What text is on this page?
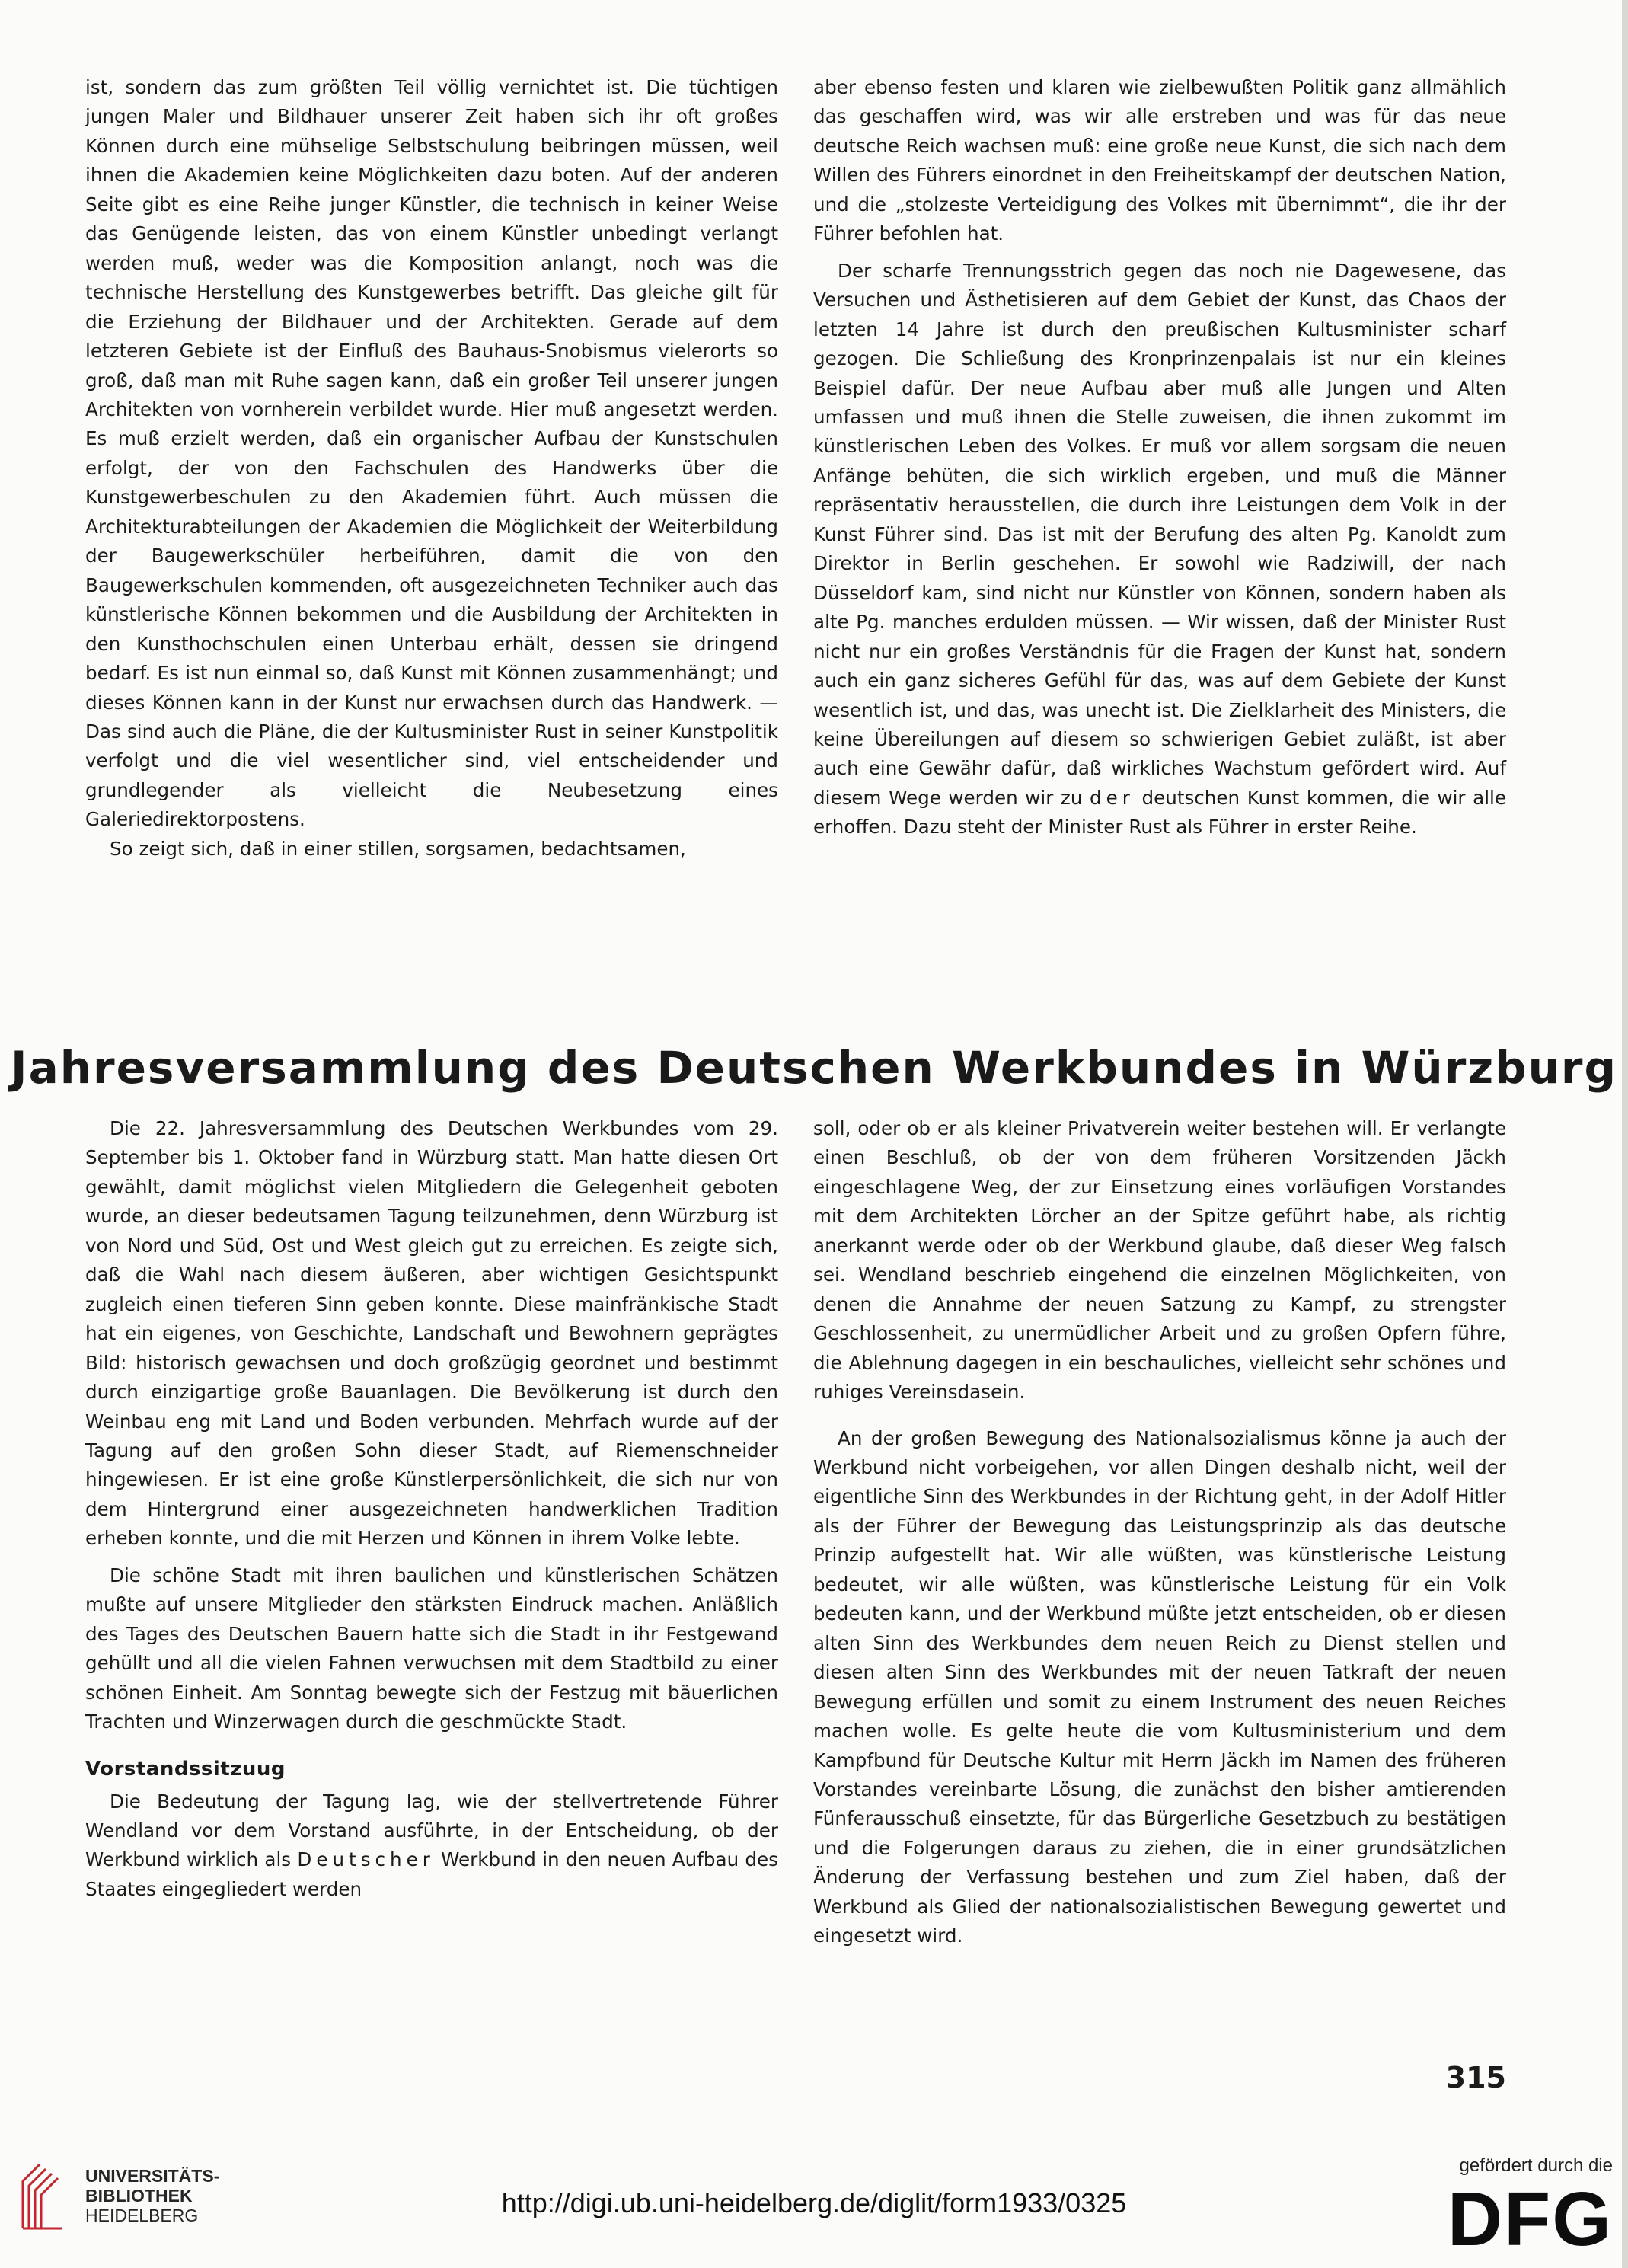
ist, sondern das zum größten Teil völlig vernichtet ist. Die tüchtigen jungen Maler und Bildhauer unserer Zeit haben sich ihr oft großes Können durch eine mühselige Selbstschulung beibringen müssen, weil ihnen die Akademien keine Möglichkeiten dazu boten. Auf der anderen Seite gibt es eine Reihe junger Künstler, die technisch in keiner Weise das Genügende leisten, das von einem Künstler unbedingt verlangt werden muß, weder was die Komposition anlangt, noch was die technische Herstellung des Kunstgewerbes betrifft. Das gleiche gilt für die Erziehung der Bildhauer und der Architekten. Gerade auf dem letzteren Gebiete ist der Einfluß des Bauhaus-Snobismus vielerorts so groß, daß man mit Ruhe sagen kann, daß ein großer Teil unserer jungen Architekten von vornherein verbildet wurde. Hier muß angesetzt werden. Es muß erzielt werden, daß ein organischer Aufbau der Kunstschulen erfolgt, der von den Fachschulen des Handwerks über die Kunstgewerbeschulen zu den Akademien führt. Auch müssen die Architekturabteilungen der Akademien die Möglichkeit der Weiterbildung der Baugewerkschüler herbeiführen, damit die von den Baugewerkschulen kommenden, oft ausgezeichneten Techniker auch das künstlerische Können bekommen und die Ausbildung der Architekten in den Kunsthochschulen einen Unterbau erhält, dessen sie dringend bedarf. Es ist nun einmal so, daß Kunst mit Können zusammenhängt; und dieses Können kann in der Kunst nur erwachsen durch das Handwerk. — Das sind auch die Pläne, die der Kultusminister Rust in seiner Kunstpolitik verfolgt und die viel wesentlicher sind, viel entscheidender und grundlegender als vielleicht die Neubesetzung eines Galeriedirektorpostens.

So zeigt sich, daß in einer stillen, sorgsamen, bedachtsamen,

aber ebenso festen und klaren wie zielbewußten Politik ganz allmählich das geschaffen wird, was wir alle erstreben und was für das neue deutsche Reich wachsen muß: eine große neue Kunst, die sich nach dem Willen des Führers einordnet in den Freiheitskampf der deutschen Nation, und die „stolzeste Verteidigung des Volkes mit übernimmt“, die ihr der Führer befohlen hat.

Der scharfe Trennungsstrich gegen das noch nie Dagewesene, das Versuchen und Ästhetisieren auf dem Gebiet der Kunst, das Chaos der letzten 14 Jahre ist durch den preußischen Kultusminister scharf gezogen. Die Schließung des Kronprinzenpalais ist nur ein kleines Beispiel dafür. Der neue Aufbau aber muß alle Jungen und Alten umfassen und muß ihnen die Stelle zuweisen, die ihnen zukommt im künstlerischen Leben des Volkes. Er muß vor allem sorgsam die neuen Anfänge behüten, die sich wirklich ergeben, und muß die Männer repräsentativ herausstellen, die durch ihre Leistungen dem Volk in der Kunst Führer sind. Das ist mit der Berufung des alten Pg. Kanoldt zum Direktor in Berlin geschehen. Er sowohl wie Radziwill, der nach Düsseldorf kam, sind nicht nur Künstler von Können, sondern haben als alte Pg. manches erdulden müssen. — Wir wissen, daß der Minister Rust nicht nur ein großes Verständnis für die Fragen der Kunst hat, sondern auch ein ganz sicheres Gefühl für das, was auf dem Gebiete der Kunst wesentlich ist, und das, was unecht ist. Die Zielklarheit des Ministers, die keine Übereilungen auf diesem so schwierigen Gebiet zuläßt, ist aber auch eine Gewähr dafür, daß wirkliches Wachstum gefördert wird. Auf diesem Wege werden wir zu der deutschen Kunst kommen, die wir alle erhoffen. Dazu steht der Minister Rust als Führer in erster Reihe.

Jahresversammlung des Deutschen Werkbundes in Würzburg

Die 22. Jahresversammlung des Deutschen Werkbundes vom 29. September bis 1. Oktober fand in Würzburg statt. Man hatte diesen Ort gewählt, damit möglichst vielen Mitgliedern die Gelegenheit geboten wurde, an dieser bedeutsamen Tagung teilzunehmen, denn Würzburg ist von Nord und Süd, Ost und West gleich gut zu erreichen. Es zeigte sich, daß die Wahl nach diesem äußeren, aber wichtigen Gesichtspunkt zugleich einen tieferen Sinn geben konnte. Diese mainfränkische Stadt hat ein eigenes, von Geschichte, Landschaft und Bewohnern geprägtes Bild: historisch gewachsen und doch großzügig geordnet und bestimmt durch einzigartige große Bauanlagen. Die Bevölkerung ist durch den Weinbau eng mit Land und Boden verbunden. Mehrfach wurde auf der Tagung auf den großen Sohn dieser Stadt, auf Riemenschneider hingewiesen. Er ist eine große Künstlerpersönlichkeit, die sich nur von dem Hintergrund einer ausgezeichneten handwerklichen Tradition erheben konnte, und die mit Herzen und Können in ihrem Volke lebte.

Die schöne Stadt mit ihren baulichen und künstlerischen Schätzen mußte auf unsere Mitglieder den stärksten Eindruck machen. Anläßlich des Tages des Deutschen Bauern hatte sich die Stadt in ihr Festgewand gehüllt und all die vielen Fahnen verwuchsen mit dem Stadtbild zu einer schönen Einheit. Am Sonntag bewegte sich der Festzug mit bäuerlichen Trachten und Winzerwagen durch die geschmückte Stadt.

Vorstandssitzuug

Die Bedeutung der Tagung lag, wie der stellvertretende Führer Wendland vor dem Vorstand ausführte, in der Entscheidung, ob der Werkbund wirklich als Deutscher Werkbund in den neuen Aufbau des Staates eingegliedert werden

soll, oder ob er als kleiner Privatverein weiter bestehen will. Er verlangte einen Beschluß, ob der von dem früheren Vorsitzenden Jäckh eingeschlagene Weg, der zur Einsetzung eines vorläufigen Vorstandes mit dem Architekten Lörcher an der Spitze geführt habe, als richtig anerkannt werde oder ob der Werkbund glaube, daß dieser Weg falsch sei. Wendland beschrieb eingehend die einzelnen Möglichkeiten, von denen die Annahme der neuen Satzung zu Kampf, zu strengster Geschlossenheit, zu unermüdlicher Arbeit und zu großen Opfern führe, die Ablehnung dagegen in ein beschauliches, vielleicht sehr schönes und ruhiges Vereinsdasein.

An der großen Bewegung des Nationalsozialismus könne ja auch der Werkbund nicht vorbeigehen, vor allen Dingen deshalb nicht, weil der eigentliche Sinn des Werkbundes in der Richtung geht, in der Adolf Hitler als der Führer der Bewegung das Leistungsprinzip als das deutsche Prinzip aufgestellt hat. Wir alle wüßten, was künstlerische Leistung bedeutet, wir alle wüßten, was künstlerische Leistung für ein Volk bedeuten kann, und der Werkbund müßte jetzt entscheiden, ob er diesen alten Sinn des Werkbundes dem neuen Reich zu Dienst stellen und diesen alten Sinn des Werkbundes mit der neuen Tatkraft der neuen Bewegung erfüllen und somit zu einem Instrument des neuen Reiches machen wolle. Es gelte heute die vom Kultusministerium und dem Kampfbund für Deutsche Kultur mit Herrn Jäckh im Namen des früheren Vorstandes vereinbarte Lösung, die zunächst den bisher amtierenden Fünferausschuß einsetzte, für das Bürgerliche Gesetzbuch zu bestätigen und die Folgerungen daraus zu ziehen, die in einer grundsätzlichen Änderung der Verfassung bestehen und zum Ziel haben, daß der Werkbund als Glied der nationalsozialistischen Bewegung gewertet und eingesetzt wird.

315
UNIVERSITÄTS-
BIBLIOTHEK
HEIDELBERG	http://digi.ub.uni-heidelberg.de/diglit/form1933/0325
gefördert durch die
DFG
